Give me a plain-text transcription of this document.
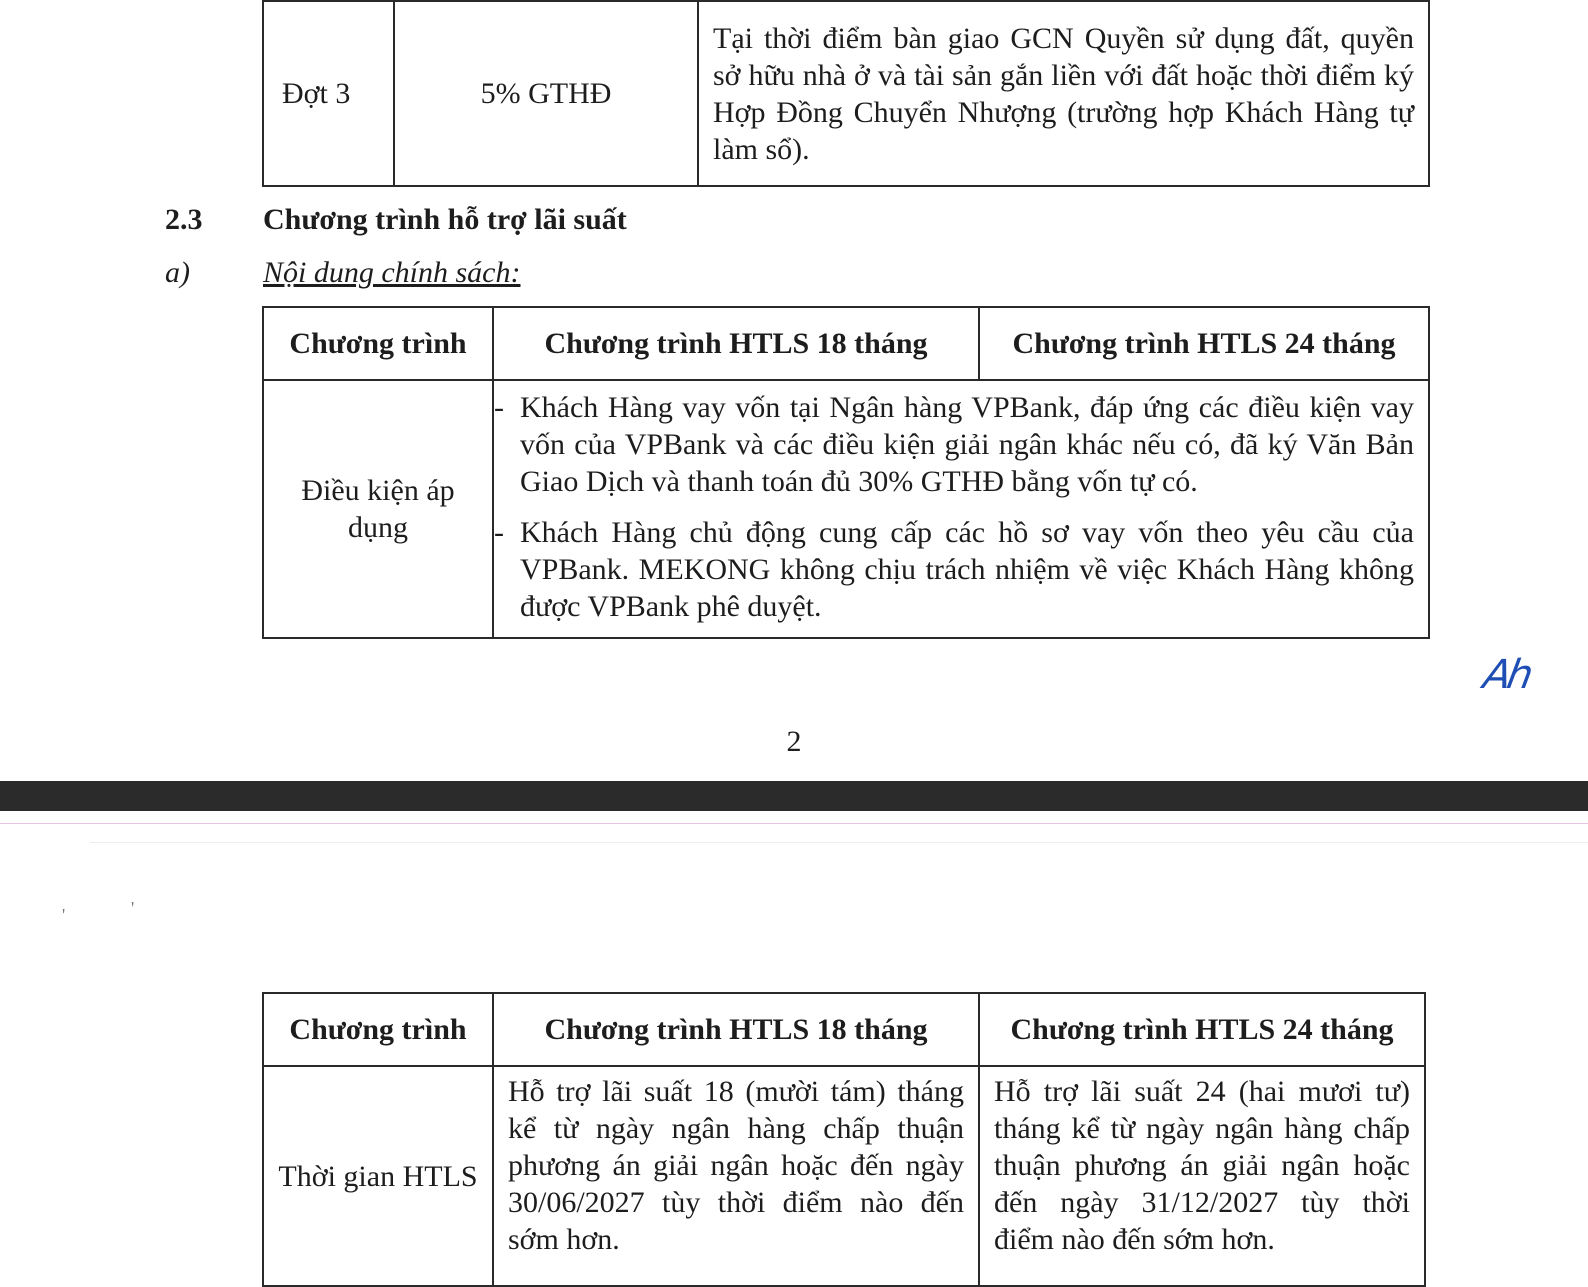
Đợt 3	5% GTHĐ	Tại thời điểm bàn giao GCN Quyền sử dụng đất, quyền sở hữu nhà ở và tài sản gắn liền với đất hoặc thời điểm ký Hợp Đồng Chuyển Nhượng (trường hợp Khách Hàng tự làm sổ).
2.3 Chương trình hỗ trợ lãi suất
a) Nội dung chính sách:
Chương trình	Chương trình HTLS 18 tháng	Chương trình HTLS 24 tháng
Điều kiện áp dụng	- Khách Hàng vay vốn tại Ngân hàng VPBank, đáp ứng các điều kiện vay vốn của VPBank và các điều kiện giải ngân khác nếu có, đã ký Văn Bản Giao Dịch và thanh toán đủ 30% GTHĐ bằng vốn tự có.
- Khách Hàng chủ động cung cấp các hồ sơ vay vốn theo yêu cầu của VPBank. MEKONG không chịu trách nhiệm về việc Khách Hàng không được VPBank phê duyệt.	
Ah
2
'	'
Chương trình	Chương trình HTLS 18 tháng	Chương trình HTLS 24 tháng
Thời gian HTLS	Hỗ trợ lãi suất 18 (mười tám) tháng kể từ ngày ngân hàng chấp thuận phương án giải ngân hoặc đến ngày 30/06/2027 tùy thời điểm nào đến sớm hơn.	Hỗ trợ lãi suất 24 (hai mươi tư) tháng kể từ ngày ngân hàng chấp thuận phương án giải ngân hoặc đến ngày 31/12/2027 tùy thời điểm nào đến sớm hơn.
